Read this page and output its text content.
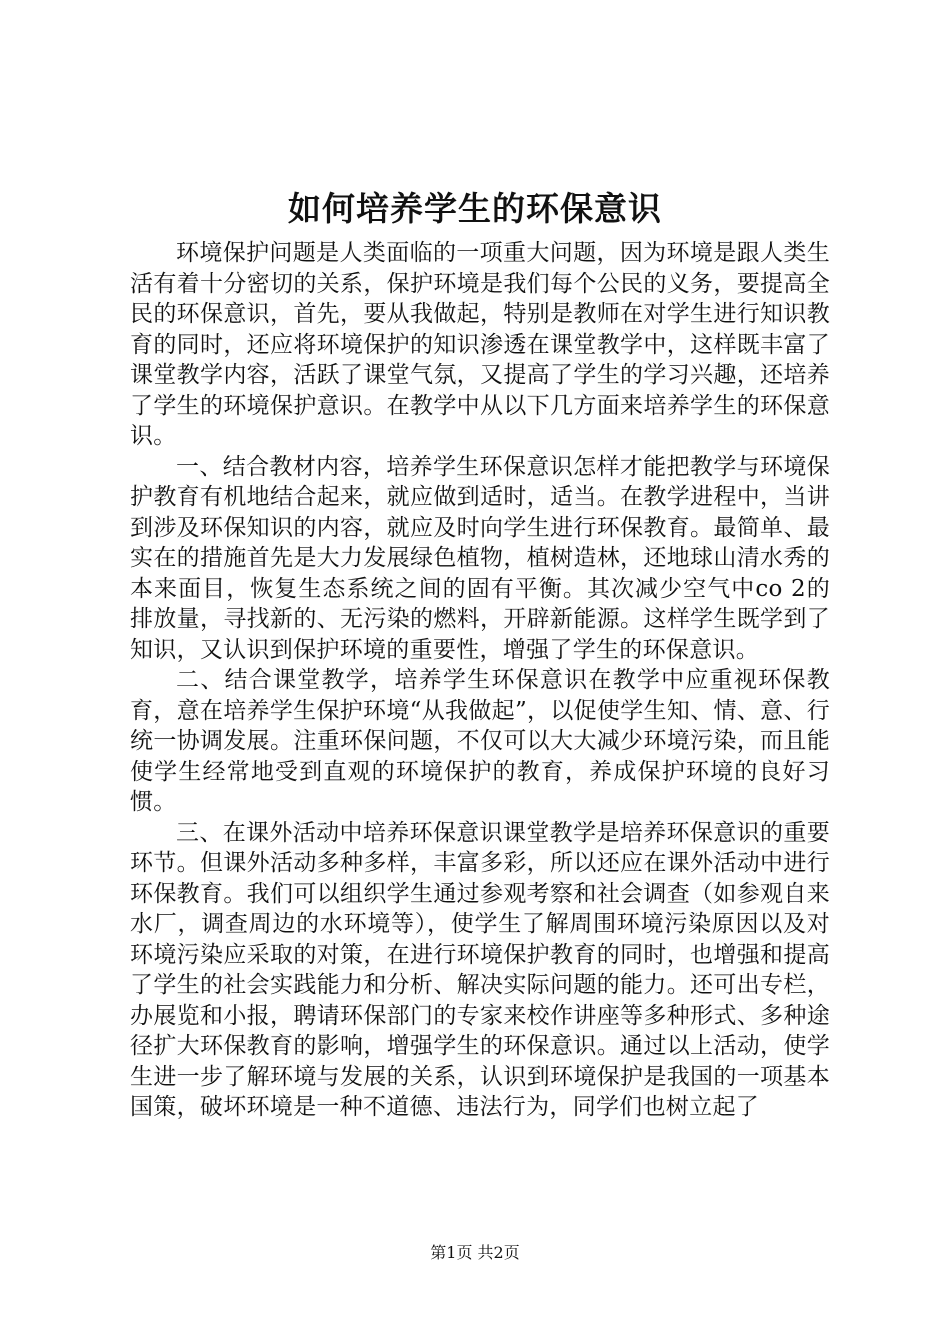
如何培养学生的环保意识

环境保护问题是人类面临的一项重大问题，因为环境是跟人类生活有着十分密切的关系，保护环境是我们每个公民的义务，要提高全民的环保意识，首先，要从我做起，特别是教师在对学生进行知识教育的同时，还应将环境保护的知识渗透在课堂教学中，这样既丰富了课堂教学内容，活跃了课堂气氛，又提高了学生的学习兴趣，还培养了学生的环境保护意识。在教学中从以下几方面来培养学生的环保意识。

一、结合教材内容，培养学生环保意识怎样才能把教学与环境保护教育有机地结合起来，就应做到适时，适当。在教学进程中，当讲到涉及环保知识的内容，就应及时向学生进行环保教育。最简单、最实在的措施首先是大力发展绿色植物，植树造林，还地球山清水秀的本来面目，恢复生态系统之间的固有平衡。其次减少空气中co 2的排放量，寻找新的、无污染的燃料，开辟新能源。这样学生既学到了知识，又认识到保护环境的重要性，增强了学生的环保意识。

二、结合课堂教学，培养学生环保意识在教学中应重视环保教育，意在培养学生保护环境“从我做起”，以促使学生知、情、意、行统一协调发展。注重环保问题，不仅可以大大减少环境污染，而且能使学生经常地受到直观的环境保护的教育，养成保护环境的良好习惯。

三、在课外活动中培养环保意识课堂教学是培养环保意识的重要环节。但课外活动多种多样，丰富多彩，所以还应在课外活动中进行环保教育。我们可以组织学生通过参观考察和社会调查（如参观自来水厂，调查周边的水环境等），使学生了解周围环境污染原因以及对环境污染应采取的对策，在进行环境保护教育的同时，也增强和提高了学生的社会实践能力和分析、解决实际问题的能力。还可出专栏，办展览和小报，聘请环保部门的专家来校作讲座等多种形式、多种途径扩大环保教育的影响，增强学生的环保意识。通过以上活动，使学生进一步了解环境与发展的关系，认识到环境保护是我国的一项基本国策，破坏环境是一种不道德、违法行为，同学们也树立起了

第1页 共2页
